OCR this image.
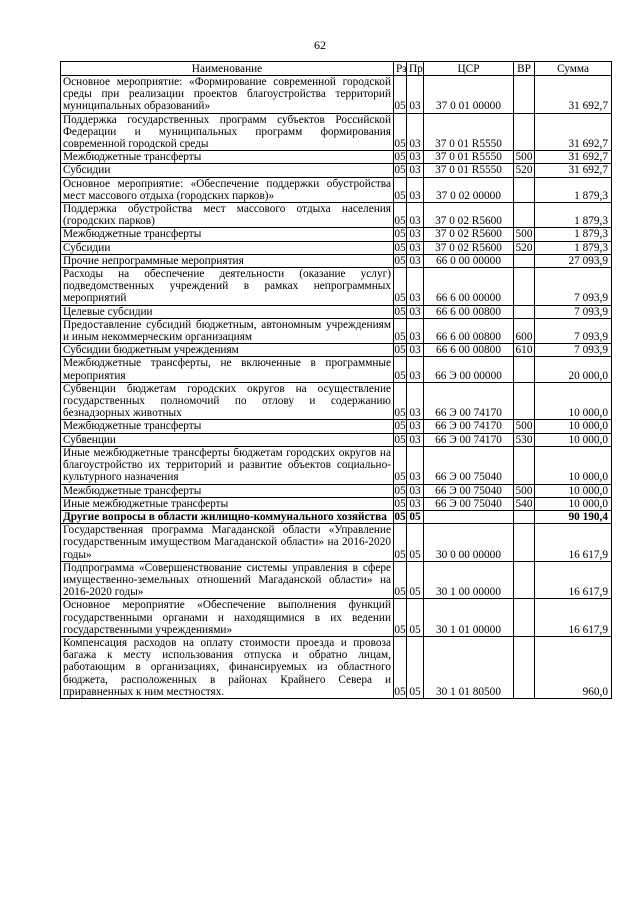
62
Наименование	Рз	Пр	ЦСР	ВР	Сумма
Основное мероприятие: «Формирование современной городской среды при реализации проектов благоустройства территорий муниципальных образований»	05	03	37 0 01 00000		31 692,7
Поддержка государственных программ субъектов Российской Федерации и муниципальных программ формирования современной городской среды	05	03	37 0 01 R5550		31 692,7
Межбюджетные трансферты	05	03	37 0 01 R5550	500	31 692,7
Субсидии	05	03	37 0 01 R5550	520	31 692,7
Основное мероприятие: «Обеспечение поддержки обустройства мест массового отдыха (городских парков)»	05	03	37 0 02 00000		1 879,3
Поддержка обустройства мест массового отдыха населения (городских парков)	05	03	37 0 02 R5600		1 879,3
Межбюджетные трансферты	05	03	37 0 02 R5600	500	1 879,3
Субсидии	05	03	37 0 02 R5600	520	1 879,3
Прочие непрограммные мероприятия	05	03	66 0 00 00000		27 093,9
Расходы на обеспечение деятельности (оказание услуг) подведомственных учреждений в рамках непрограммных мероприятий	05	03	66 6 00 00000		7 093,9
Целевые субсидии	05	03	66 6 00 00800		7 093,9
Предоставление субсидий бюджетным, автономным учреждениям и иным некоммерческим организациям	05	03	66 6 00 00800	600	7 093,9
Субсидии бюджетным учреждениям	05	03	66 6 00 00800	610	7 093,9
Межбюджетные трансферты, не включенные в программные мероприятия	05	03	66 Э 00 00000		20 000,0
Субвенции бюджетам городских округов на осуществление государственных полномочий по отлову и содержанию безнадзорных животных	05	03	66 Э 00 74170		10 000,0
Межбюджетные трансферты	05	03	66 Э 00 74170	500	10 000,0
Субвенции	05	03	66 Э 00 74170	530	10 000,0
Иные межбюджетные трансферты бюджетам городских округов на благоустройство их территорий и развитие объектов социально-культурного назначения	05	03	66 Э 00 75040		10 000,0
Межбюджетные трансферты	05	03	66 Э 00 75040	500	10 000,0
Иные межбюджетные трансферты	05	03	66 Э 00 75040	540	10 000,0
Другие вопросы в области жилищно-коммунального хозяйства	05	05			90 190,4
Государственная программа Магаданской области «Управление государственным имуществом Магаданской области» на 2016-2020 годы»	05	05	30 0 00 00000		16 617,9
Подпрограмма «Совершенствование системы управления в сфере имущественно-земельных отношений Магаданской области» на 2016-2020 годы»	05	05	30 1 00 00000		16 617,9
Основное мероприятие «Обеспечение выполнения функций государственными органами и находящимися в их ведении государственными учреждениями»	05	05	30 1 01 00000		16 617,9
Компенсация расходов на оплату стоимости проезда и провоза багажа к месту использования отпуска и обратно лицам, работающим в организациях, финансируемых из областного бюджета, расположенных в районах Крайнего Севера и приравненных к ним местностях.	05	05	30 1 01 80500		960,0
